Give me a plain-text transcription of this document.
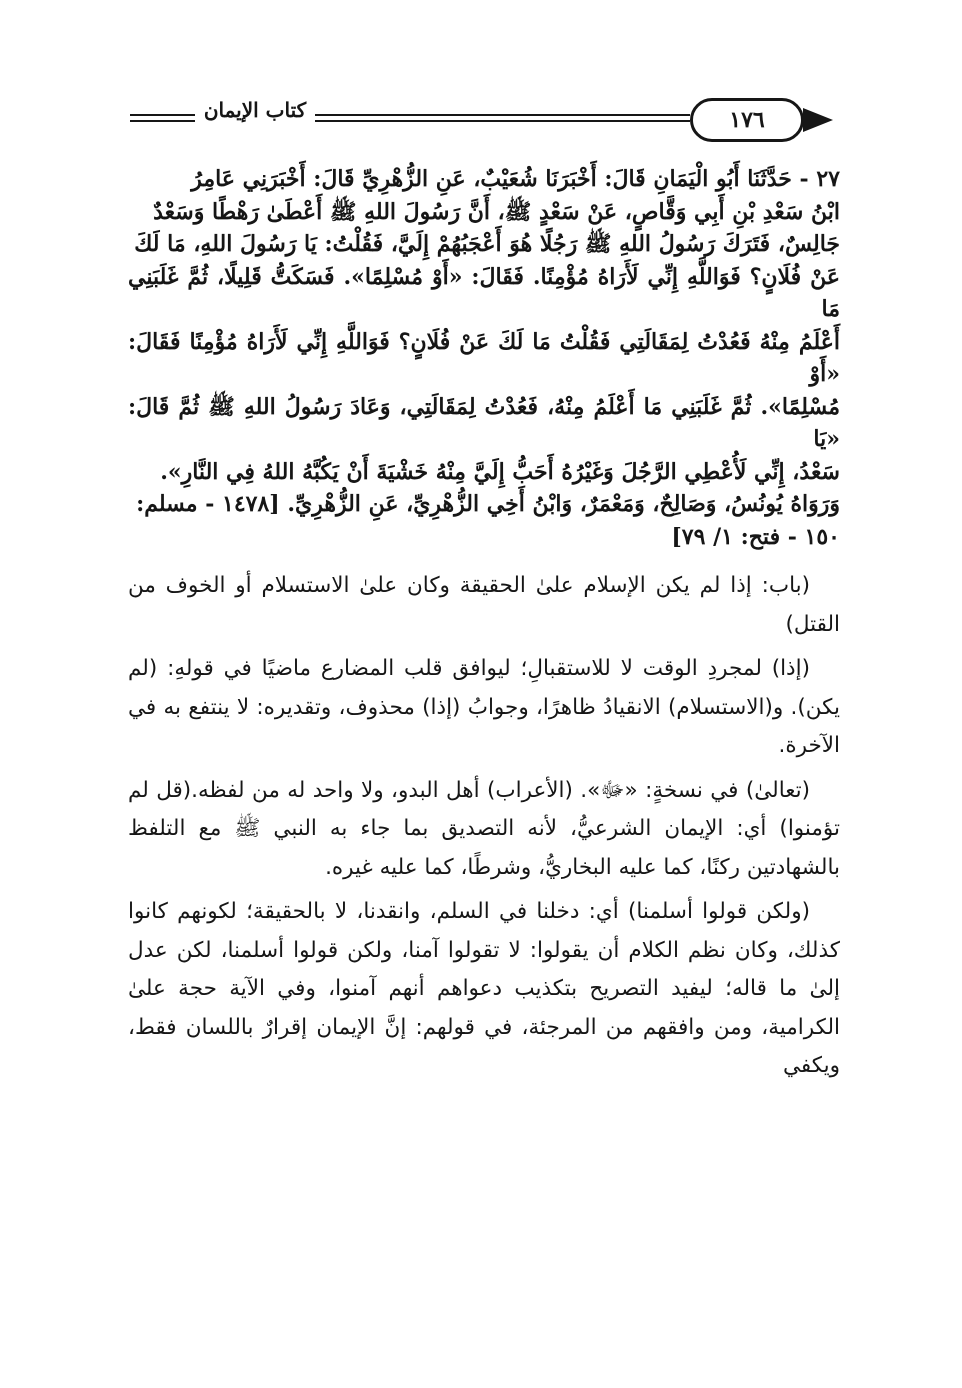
كتاب الإيمان	١٧٦

٢٧ - حَدَّثَنَا أَبُو الْيَمَانِ قَالَ: أَخْبَرَنَا شُعَيْبٌ، عَنِ الزُّهْرِيِّ قَالَ: أَخْبَرَنِي عَامِرُ

ابْنُ سَعْدِ بْنِ أَبِي وَقَّاصٍ، عَنْ سَعْدٍ ﷺ، أَنَّ رَسُولَ اللهِ ﷺ أَعْطَىٰ رَهْطًا وَسَعْدٌ

جَالِسٌ، فَتَرَكَ رَسُولُ اللهِ ﷺ رَجُلًا هُوَ أَعْجَبُهُمْ إِلَيَّ، فَقُلْتُ: يَا رَسُولَ اللهِ، مَا لَكَ

عَنْ فُلَانٍ؟ فَوَاللَّهِ إِنِّي لَأَرَاهُ مُؤْمِنًا. فَقَالَ: «أَوْ مُسْلِمًا». فَسَكَتُّ قَلِيلًا، ثُمَّ غَلَبَنِي مَا

أَعْلَمُ مِنْهُ فَعُدْتُ لِمَقَالَتِي فَقُلْتُ مَا لَكَ عَنْ فُلَانٍ؟ فَوَاللَّهِ إِنِّي لَأَرَاهُ مُؤْمِنًا فَقَالَ: «أَوْ

مُسْلِمًا». ثُمَّ غَلَبَنِي مَا أَعْلَمُ مِنْهُ، فَعُدْتُ لِمَقَالَتِي، وَعَادَ رَسُولُ اللهِ ﷺ ثُمَّ قَالَ: «يَا

سَعْدُ، إِنِّي لَأُعْطِي الرَّجُلَ وَغَيْرُهُ أَحَبُّ إِلَيَّ مِنْهُ خَشْيَةَ أَنْ يَكُبَّهُ اللهُ فِي النَّارِ».

وَرَوَاهُ يُونُسُ، وَصَالِحٌ، وَمَعْمَرٌ، وَابْنُ أَخِي الزُّهْرِيِّ، عَنِ الزُّهْرِيِّ. [١٤٧٨ - مسلم:

١٥٠ - فتح: ١/ ٧٩]

(باب: إذا لم يكن الإسلام علىٰ الحقيقة وكان علىٰ الاستسلام أو الخوف من القتل)

(إذا) لمجردِ الوقت لا للاستقبالِ؛ ليوافق قلب المضارع ماضيًا في قولهِ: (لم يكن). و(الاستسلام) الانقيادُ ظاهرًا، وجوابُ (إذا) محذوف، وتقديره: لا ينتفع به في الآخرة.

(تعالىٰ) في نسخةٍ: «ﷻ». (الأعراب) أهل البدو، ولا واحد له من لفظه.(قل لم تؤمنوا) أي: الإيمان الشرعيُّ، لأنه التصديق بما جاء به النبي ﷺ مع التلفظ بالشهادتين ركنًا، كما عليه البخاريُّ، وشرطًا، كما عليه غيره.

(ولكن قولوا أسلمنا) أي: دخلنا في السلم، وانقدنا، لا بالحقيقة؛ لكونهم كانوا كذلك، وكان نظم الكلام أن يقولوا: لا تقولوا آمنا، ولكن قولوا أسلمنا، لكن عدل إلىٰ ما قاله؛ ليفيد التصريح بتكذيب دعواهم أنهم آمنوا، وفي الآية حجة علىٰ الكرامية، ومن وافقهم من المرجئة، في قولهم: إنَّ الإيمان إقرارٌ باللسان فقط، ويكفي
